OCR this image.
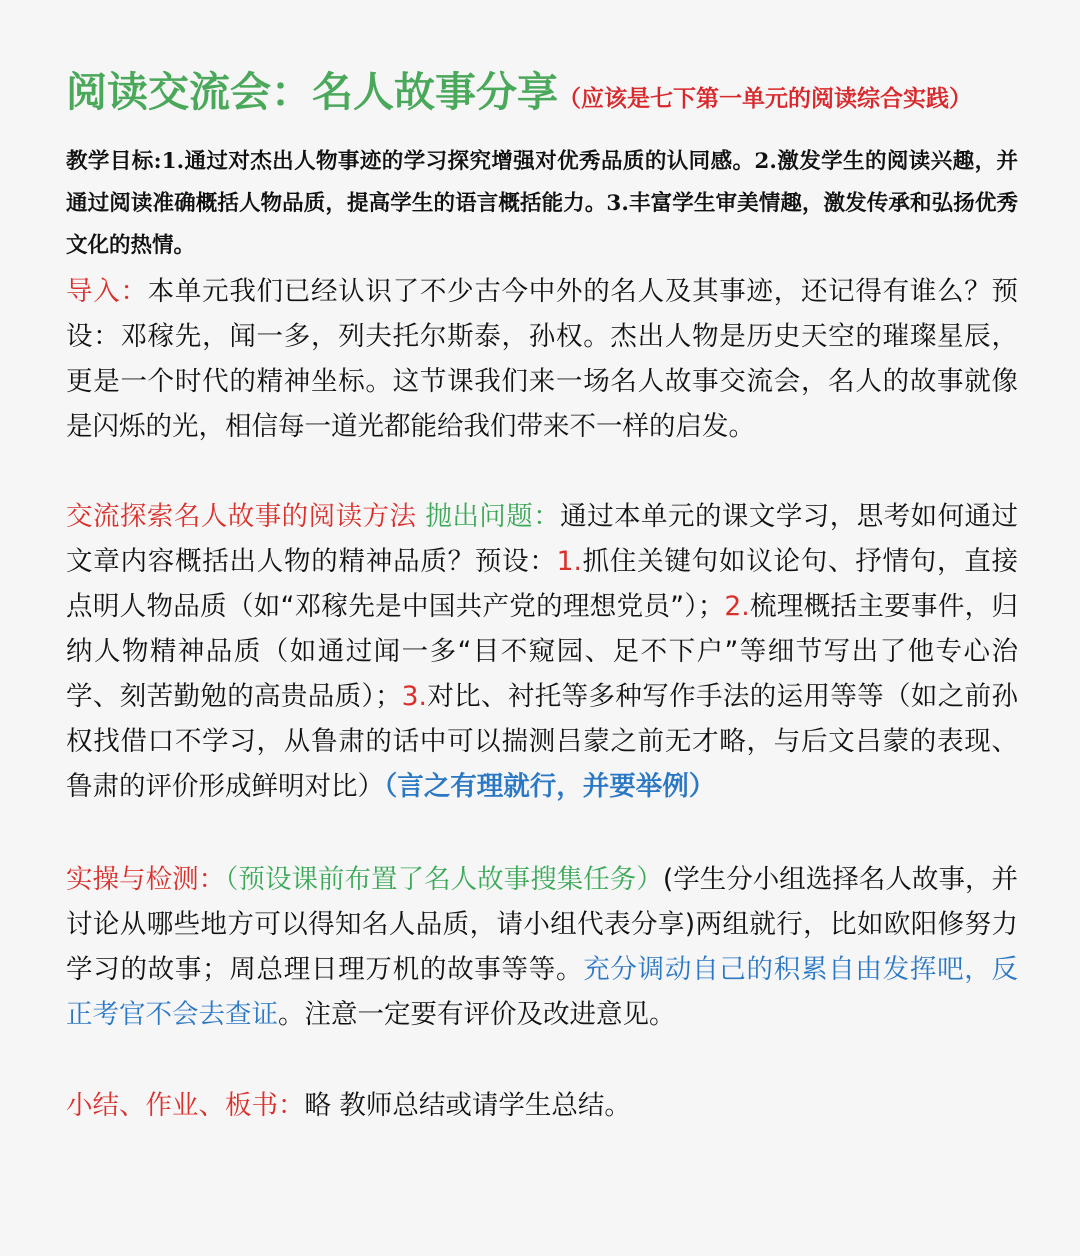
﻿
阅读交流会：名人故事分享（应该是七下第一单元的阅读综合实践）
教学目标:1.通过对杰出人物事迹的学习探究增强对优秀品质的认同感。2.激发学生的阅读兴趣，并通过阅读准确概括人物品质，提高学生的语言概括能力。3.丰富学生审美情趣，激发传承和弘扬优秀文化的热情。
导入：本单元我们已经认识了不少古今中外的名人及其事迹，还记得有谁么？预设：邓稼先，闻一多，列夫托尔斯泰，孙权。杰出人物是历史天空的璀璨星辰，更是一个时代的精神坐标。这节课我们来一场名人故事交流会，名人的故事就像是闪烁的光，相信每一道光都能给我们带来不一样的启发。
交流探索名人故事的阅读方法 抛出问题：通过本单元的课文学习，思考如何通过文章内容概括出人物的精神品质？预设：1.抓住关键句如议论句、抒情句，直接点明人物品质（如“邓稼先是中国共产党的理想党员”）；2.梳理概括主要事件，归纳人物精神品质（如通过闻一多“目不窥园、足不下户”等细节写出了他专心治学、刻苦勤勉的高贵品质）；3.对比、衬托等多种写作手法的运用等等（如之前孙权找借口不学习，从鲁肃的话中可以揣测吕蒙之前无才略，与后文吕蒙的表现、鲁肃的评价形成鲜明对比）（言之有理就行，并要举例）
实操与检测：（预设课前布置了名人故事搜集任务）(学生分小组选择名人故事，并讨论从哪些地方可以得知名人品质，请小组代表分享)两组就行，比如欧阳修努力学习的故事；周总理日理万机的故事等等。充分调动自己的积累自由发挥吧，反正考官不会去查证。注意一定要有评价及改进意见。
小结、作业、板书：略 教师总结或请学生总结。
